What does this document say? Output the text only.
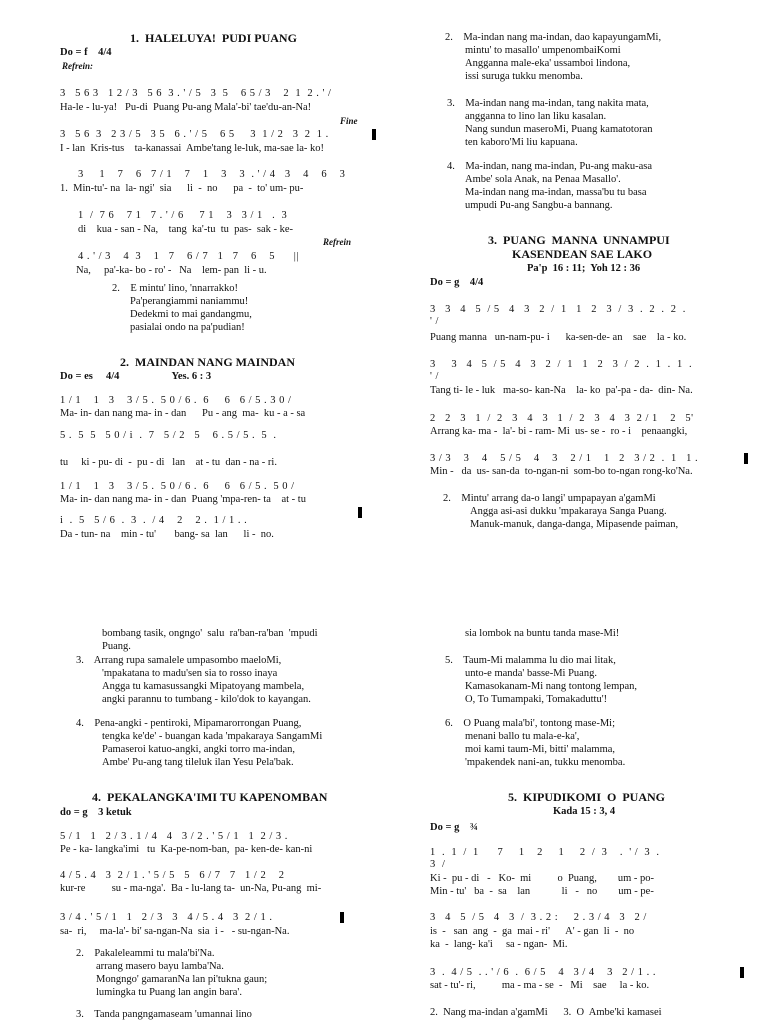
1.  HALELUYA!  PUDI PUANG
Do = f    4/4
Refrein:
3   5 6 3   1 2 / 3   5 6  3 . ' / 5   3  5    6 5 / 3    2  1  2 . ' /
Ha-le - lu-ya!   Pu-di  Puang Pu-ang Mala'-bi' tae'du-an-Na!
Fine
3   5 6  3   2 3 / 5   3 5   6 . ' / 5    6 5     3  1 / 2   3  2  1 .
I - lan  Kris-tus    ta-kanassai  Ambe'tang le-luk, ma-sae la- ko!
3     1    7    6   7 / 1    7    1    3    3  . ' / 4   3    4    6    3
1.  Min-tu'- na  la- ngi'  sia      li  -  no      pa  -  to' um- pu-
1  /  7 6    7 1   7 . ' / 6     7 1    3   3 / 1   .  3
di    kua - san - Na,    tang  ka'-tu  tu  pas-  sak - ke-
Refrein
4 . ' / 3    4  3    1   7    6 / 7   1   7    6    5      ||
Na,     pa'-ka- bo - ro' -   Na    lem- pan  li - u.
2.    E mintu' lino, 'nnarrakko!
Pa'perangiammi naniammu!
Dedekmi to mai gandangmu,
pasialai ondo na pa'pudian!
2.  MAINDAN NANG MAINDAN
Do = es     4/4                    Yes. 6 : 3
1 / 1    1   3    3 / 5 .  5 0 / 6 .  6     6   6 / 5 . 3 0 /
Ma- in- dan nang ma- in - dan      Pu - ang  ma-  ku - a - sa
5 .  5  5   5 0 / i  .  7   5 / 2   5    6 . 5 / 5 .  5  .
tu     ki - pu- di  -  pu - di   lan    at - tu  dan - na - ri.
1 / 1    1   3    3 / 5 .  5 0 / 6 .  6     6   6 / 5 .  5 0 /
Ma- in- dan nang ma- in - dan  Puang 'mpa-ren- ta    at - tu
i  .  5   5 / 6  .  3  .  / 4    2    2 .  1 / 1 . .
Da - tun- na    min - tu'       bang- sa  lan      li -  no.
bombang tasik, ongngo'  salu  ra'ban-ra'ban  'mpudi
Puang.
3.    Arrang rupa samalele umpasombo maeloMi,
'mpakatana to madu'sen sia to rosso inaya
Angga tu kamasussangki Mipatoyang mambela,
angki parannu to tumbang - kilo'dok to kayangan.
4.    Pena-angki - pentiroki, Mipamarorrongan Puang,
tengka ke'de' - buangan kada 'mpakaraya SangamMi
Pamaseroi katuo-angki, angki torro ma-indan,
Ambe' Pu-ang tang tileluk ilan Yesu Pela'bak.
4.  PEKALANGKA'IMI TU KAPENOMBAN
do = g    3 ketuk
5 / 1   1   2 / 3 . 1 / 4   4   3 / 2 . ' 5 / 1   1  2 / 3 .
Pe - ka- langka'imi   tu  Ka-pe-nom-ban,  pa- ken-de- kan-ni
4 / 5 . 4   3  2 / 1 . ' 5 / 5   5   6 / 7   7   1 / 2    2
kur-re          su - ma-nga'.  Ba - lu-lang ta-  un-Na, Pu-ang  mi-
3 / 4 . ' 5 / 1   1   2 / 3   3   4 / 5 . 4   3  2 / 1 .
sa-  ri,     ma-la'- bi' sa-ngan-Na  sia  i -   - su-ngan-Na.
2.    Pakaleleammi tu mala'bi'Na.
arrang masero bayu lamba'Na.
Mongngo' gamaranNa lan pi'tukna gaun;
lumingka tu Puang lan angin bara'.
3.    Tanda pangngamaseam 'umannai lino
2.    Ma-indan nang ma-indan, dao kapayungamMi,
mintu' to masallo' umpenombaiKomi
Angganna male-eka' ussamboi lindona,
issi suruga tukku menomba.
3.    Ma-indan nang ma-indan, tang nakita mata,
angganna to lino lan liku kasalan.
Nang sundun maseroMi, Puang kamatotoran
ten kaboro'Mi liu kapuana.
4.    Ma-indan, nang ma-indan, Pu-ang maku-asa
Ambe' sola Anak, na Penaa Masallo'.
Ma-indan nang ma-indan, massa'bu tu basa
umpudi Pu-ang Sangbu-a bannang.
3.  PUANG  MANNA  UNNAMPUI
KASENDEAN SAE LAKO
Pa'p  16 : 11;  Yoh 12 : 36
Do = g    4/4
3   3   4   5  / 5   4   3   2  /  1   1   2   3  /  3  .  2  .  2  .
' /
Puang manna   un-nam-pu- i      ka-sen-de- an    sae    la - ko.
3     3   4   5  / 5   4   3   2  /  1   1   2   3  /  2  .  1  .  1  .
' /
Tang ti- le - luk   ma-so- kan-Na    la- ko  pa'-pa - da-  din- Na.
2   2   3   1  /  2   3   4   3   1  /  2   3   4   3  2 / 1    2   5'
Arrang ka- ma -  la'- bi - ram- Mi  us- se -  ro - i    penaangki,
3 / 3    3    4    5 / 5    4    3    2 / 1    1   2   3 / 2  .  1   1 .
Min -   da  us- san-da  to-ngan-ni  som-bo to-ngan rong-ko'Na.
2.    Mintu' arrang da-o langi' umpapayan a'gamMi
Angga asi-asi dukku 'mpakaraya Sanga Puang.
Manuk-manuk, danga-danga, Mipasende paiman,
sia lombok na buntu tanda mase-Mi!
5.    Taum-Mi malamma lu dio mai litak,
unto-e manda' basse-Mi Puang.
Kamasokanam-Mi nang tontong lempan,
O, To Tumampaki, Tomakaduttu'!
6.    O Puang mala'bi', tontong mase-Mi;
menani ballo tu mala-e-ka',
moi kami taum-Mi, bitti' malamma,
'mpakendek nani-an, tukku menomba.
5.  KIPUDIKOMI  O  PUANG
Kada 15 : 3, 4
Do = g    ¾
1  .  1  /  1      7     1    2     1     2  /  3    .  ' /  3  .
3  /
Ki -  pu - di   -   Ko-  mi          o  Puang,        um - po-
Min - tu'   ba  -  sa    lan            li   -   no        um - pe-
3   4   5  / 5   4   3  /  3 . 2 :     2 . 3 / 4   3   2 /
is  -   san  ang  -  ga  mai - ri'      A' - gan  li  -  no
ka  -  lang- ka'i     sa - ngan-  Mi.
3  .  4 / 5  . . ' / 6  .  6 / 5    4   3 / 4    3   2 / 1 . .
sat - tu'- ri,          ma - ma - se  -   Mi    sae     la - ko.
2.  Nang ma-indan a'gamMi      3.  O  Ambe'ki kamasei
